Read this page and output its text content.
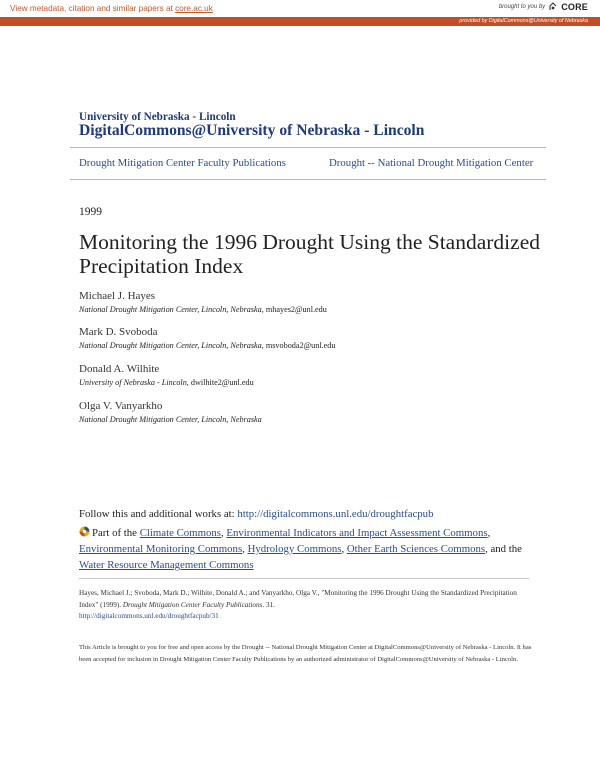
View metadata, citation and similar papers at core.ac.uk	brought to you by CORE
provided by DigitalCommons@University of Nebraska
University of Nebraska - Lincoln
DigitalCommons@University of Nebraska - Lincoln
Drought Mitigation Center Faculty Publications	Drought -- National Drought Mitigation Center
1999
Monitoring the 1996 Drought Using the Standardized Precipitation Index
Michael J. Hayes
National Drought Mitigation Center, Lincoln, Nebraska, mhayes2@unl.edu
Mark D. Svoboda
National Drought Mitigation Center, Lincoln, Nebraska, msvoboda2@unl.edu
Donald A. Wilhite
University of Nebraska - Lincoln, dwilhite2@unl.edu
Olga V. Vanyarkho
National Drought Mitigation Center, Lincoln, Nebraska
Follow this and additional works at: http://digitalcommons.unl.edu/droughtfacpub
Part of the Climate Commons, Environmental Indicators and Impact Assessment Commons, Environmental Monitoring Commons, Hydrology Commons, Other Earth Sciences Commons, and the Water Resource Management Commons
Hayes, Michael J.; Svoboda, Mark D.; Wilhite, Donald A.; and Vanyarkho, Olga V., "Monitoring the 1996 Drought Using the Standardized Precipitation Index" (1999). Drought Mitigation Center Faculty Publications. 31.
http://digitalcommons.unl.edu/droughtfacpub/31
This Article is brought to you for free and open access by the Drought -- National Drought Mitigation Center at DigitalCommons@University of Nebraska - Lincoln. It has been accepted for inclusion in Drought Mitigation Center Faculty Publications by an authorized administrator of DigitalCommons@University of Nebraska - Lincoln.
